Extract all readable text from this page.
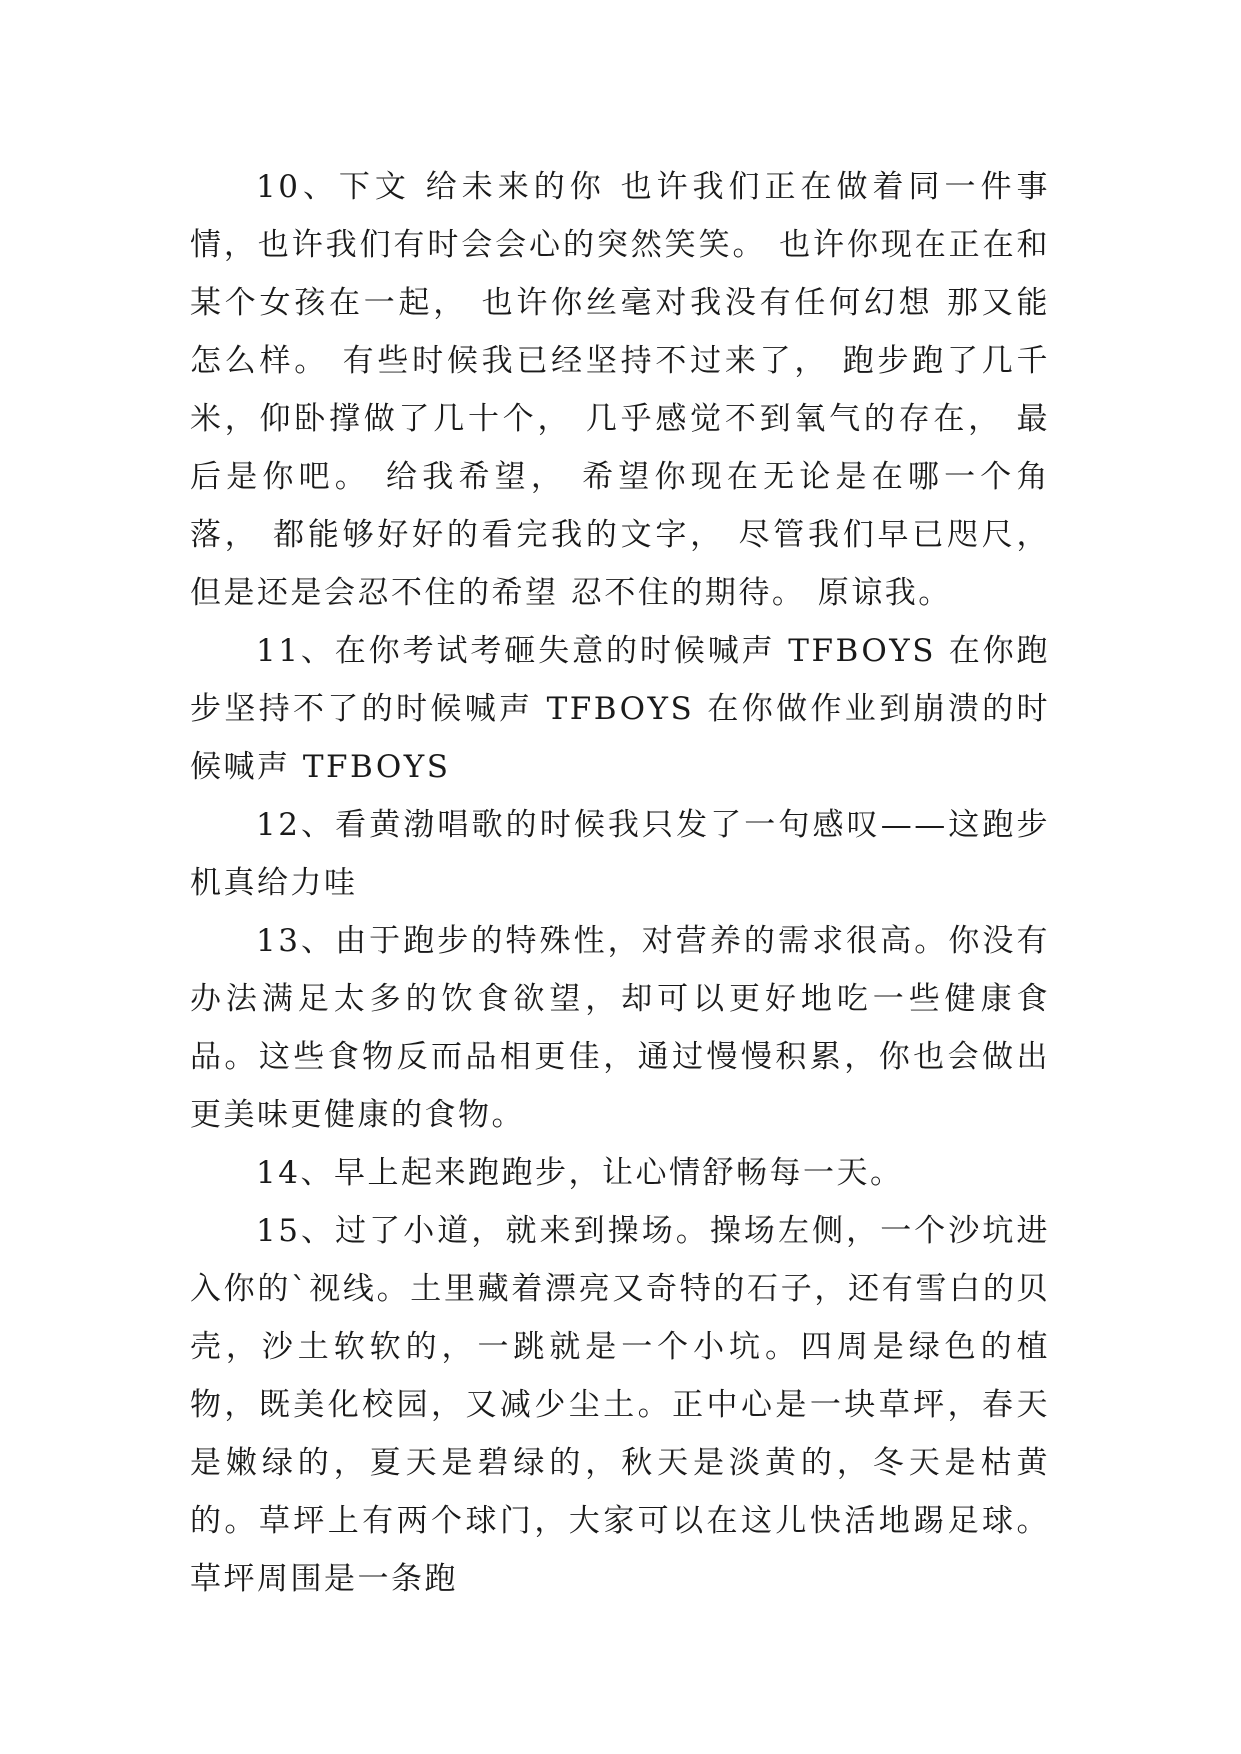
10、下文 给未来的你 也许我们正在做着同一件事情，也许我们有时会会心的突然笑笑。 也许你现在正在和某个女孩在一起， 也许你丝毫对我没有任何幻想 那又能怎么样。 有些时候我已经坚持不过来了， 跑步跑了几千米，仰卧撑做了几十个， 几乎感觉不到氧气的存在， 最后是你吧。 给我希望， 希望你现在无论是在哪一个角落， 都能够好好的看完我的文字， 尽管我们早已咫尺， 但是还是会忍不住的希望 忍不住的期待。 原谅我。

11、在你考试考砸失意的时候喊声 TFBOYS 在你跑步坚持不了的时候喊声 TFBOYS 在你做作业到崩溃的时候喊声 TFBOYS

12、看黄渤唱歌的时候我只发了一句感叹——这跑步机真给力哇

13、由于跑步的特殊性，对营养的需求很高。你没有办法满足太多的饮食欲望，却可以更好地吃一些健康食品。这些食物反而品相更佳，通过慢慢积累，你也会做出更美味更健康的食物。

14、早上起来跑跑步，让心情舒畅每一天。

15、过了小道，就来到操场。操场左侧，一个沙坑进入你的`视线。土里藏着漂亮又奇特的石子，还有雪白的贝壳，沙土软软的，一跳就是一个小坑。四周是绿色的植物，既美化校园，又减少尘土。正中心是一块草坪，春天是嫩绿的，夏天是碧绿的，秋天是淡黄的，冬天是枯黄的。草坪上有两个球门，大家可以在这儿快活地踢足球。草坪周围是一条跑
